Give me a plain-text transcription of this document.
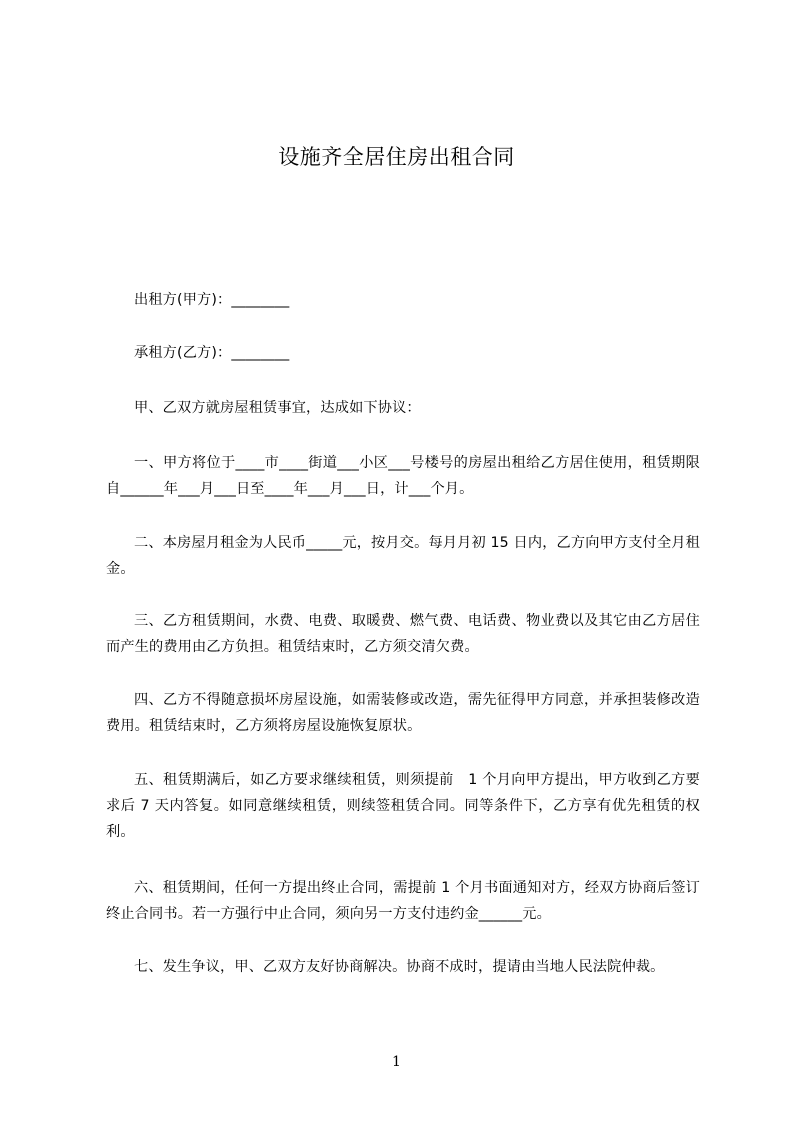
设施齐全居住房出租合同

出租方(甲方)：________

承租方(乙方)：________

甲、乙双方就房屋租赁事宜，达成如下协议：

一、甲方将位于____市____街道___小区___号楼号的房屋出租给乙方居住使用，租赁期限自______年___月___日至____年___月___日，计___个月。

二、本房屋月租金为人民币_____元，按月交。每月月初 15 日内，乙方向甲方支付全月租金。

三、乙方租赁期间，水费、电费、取暖费、燃气费、电话费、物业费以及其它由乙方居住而产生的费用由乙方负担。租赁结束时，乙方须交清欠费。

四、乙方不得随意损坏房屋设施，如需装修或改造，需先征得甲方同意，并承担装修改造费用。租赁结束时，乙方须将房屋设施恢复原状。

五、租赁期满后，如乙方要求继续租赁，则须提前　1 个月向甲方提出，甲方收到乙方要求后 7 天内答复。如同意继续租赁，则续签租赁合同。同等条件下，乙方享有优先租赁的权利。

六、租赁期间，任何一方提出终止合同，需提前 1 个月书面通知对方，经双方协商后签订终止合同书。若一方强行中止合同，须向另一方支付违约金______元。

七、发生争议，甲、乙双方友好协商解决。协商不成时，提请由当地人民法院仲裁。

1
